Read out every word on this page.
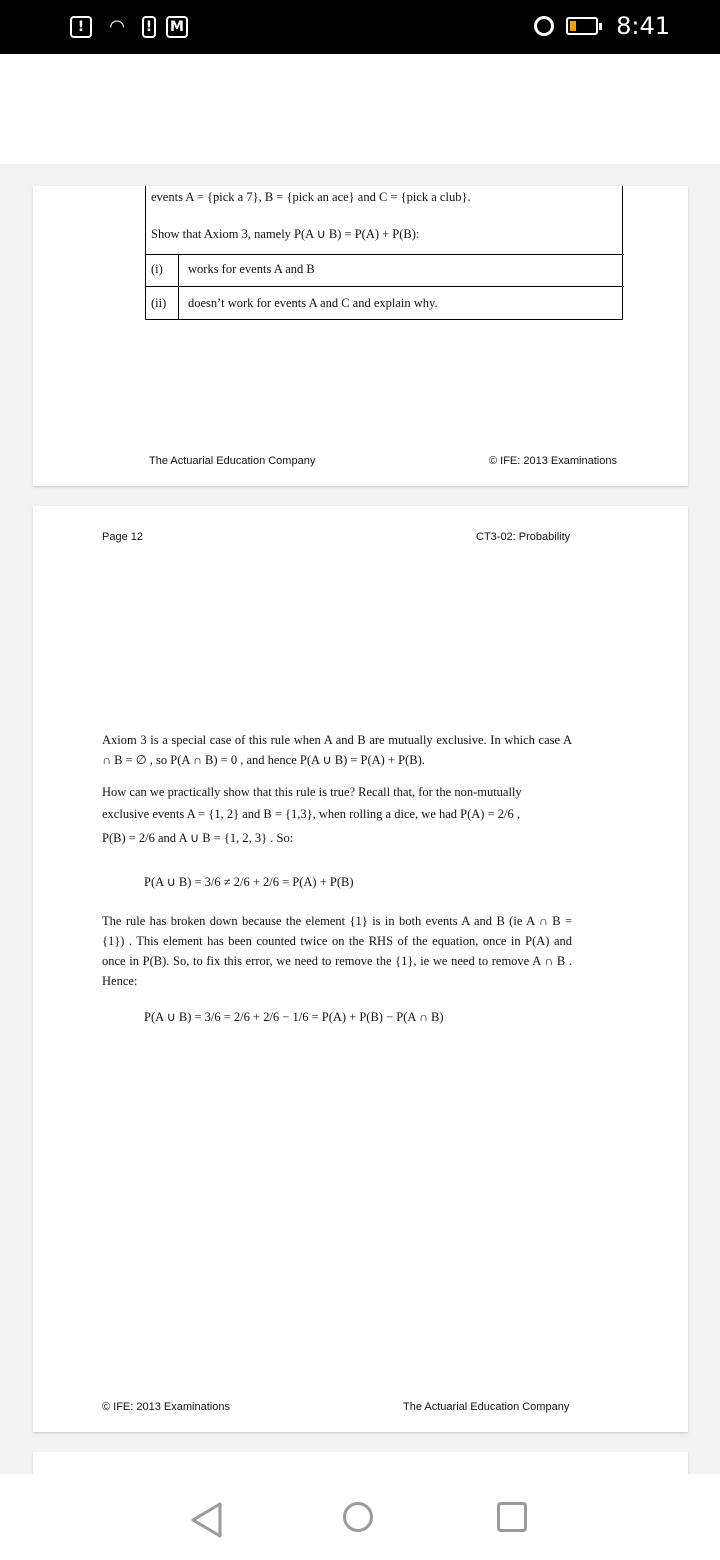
!	◠	! M	8:41
events A = {pick a 7}, B = {pick an ace} and C = {pick a club}.
Show that Axiom 3, namely P(A ∪ B) = P(A) + P(B):
(i) works for events A and B
(ii) doesn’t work for events A and C and explain why.
The Actuarial Education Company	© IFE: 2013 Examinations
Page 12	CT3-02: Probability
Axiom 3 is a special case of this rule when A and B are mutually exclusive. In which case A ∩ B = ∅ , so P(A ∩ B) = 0 , and hence P(A ∪ B) = P(A) + P(B).
How can we practically show that this rule is true? Recall that, for the non-mutually
exclusive events A = {1, 2} and B = {1,3}, when rolling a dice, we had P(A) = 2/6 ,
P(B) = 2/6 and A ∪ B = {1, 2, 3} . So:
P(A ∪ B) = 3/6 ≠ 2/6 + 2/6 = P(A) + P(B)
The rule has broken down because the element {1} is in both events A and B (ie A ∩ B = {1}) . This element has been counted twice on the RHS of the equation, once in P(A) and once in P(B). So, to fix this error, we need to remove the {1}, ie we need to remove A ∩ B . Hence:
P(A ∪ B) = 3/6 = 2/6 + 2/6 − 1/6 = P(A) + P(B) − P(A ∩ B)
© IFE: 2013 Examinations	The Actuarial Education Company
